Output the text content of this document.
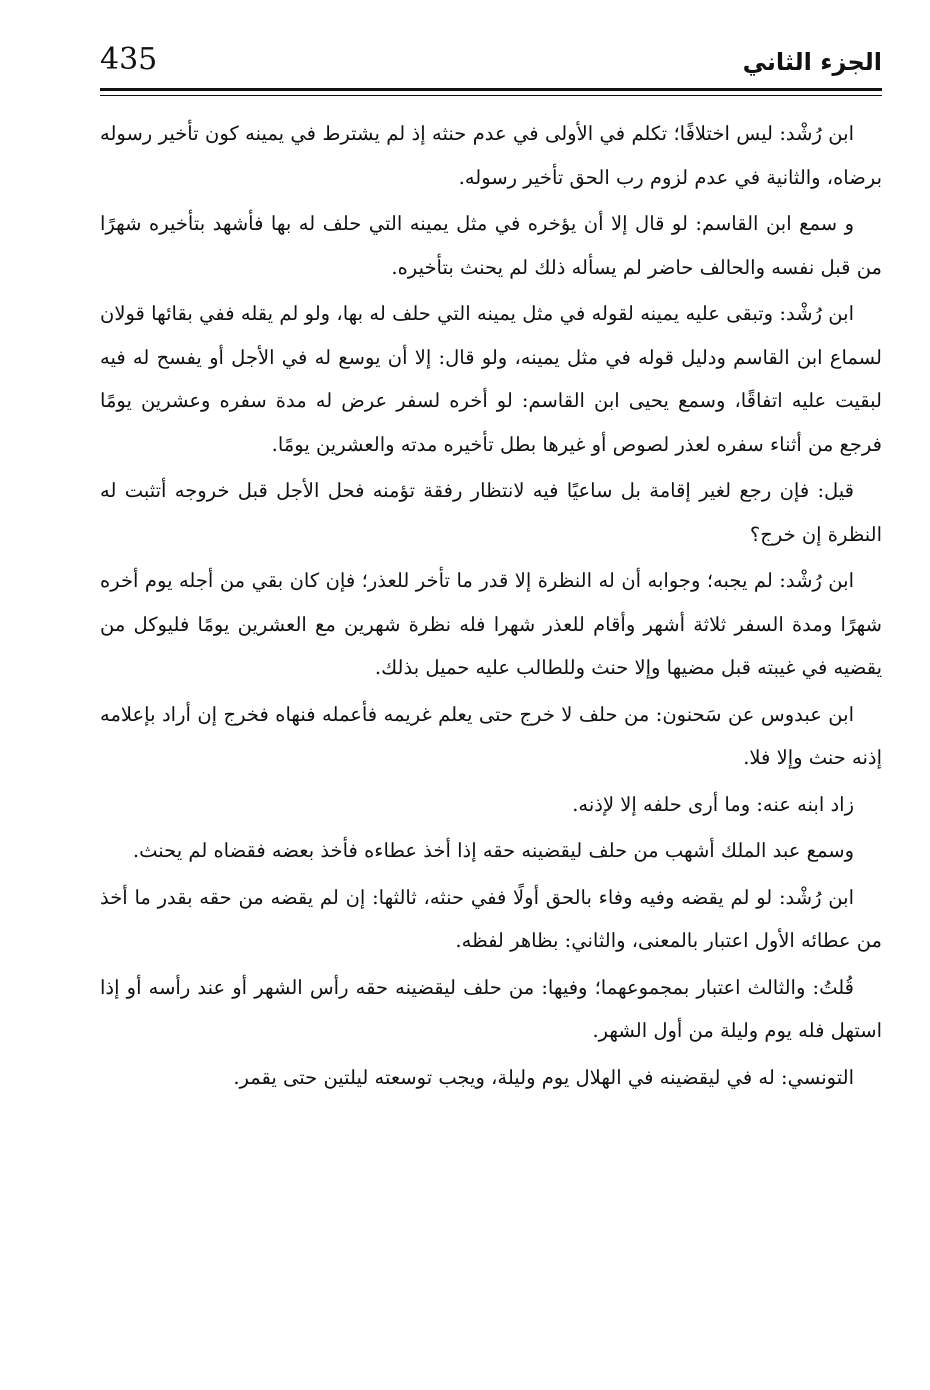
435	الجزء الثاني

ابن رُشْد: ليس اختلافًا؛ تكلم في الأولى في عدم حنثه إذ لم يشترط في يمينه كون تأخير رسوله برضاه، والثانية في عدم لزوم رب الحق تأخير رسوله.

و سمع ابن القاسم: لو قال إلا أن يؤخره في مثل يمينه التي حلف له بها فأشهد بتأخيره شهرًا من قبل نفسه والحالف حاضر لم يسأله ذلك لم يحنث بتأخيره.

ابن رُشْد: وتبقى عليه يمينه لقوله في مثل يمينه التي حلف له بها، ولو لم يقله ففي بقائها قولان لسماع ابن القاسم ودليل قوله في مثل يمينه، ولو قال: إلا أن يوسع له في الأجل أو يفسح له فيه لبقيت عليه اتفاقًا، وسمع يحيى ابن القاسم: لو أخره لسفر عرض له مدة سفره وعشرين يومًا فرجع من أثناء سفره لعذر لصوص أو غيرها بطل تأخيره مدته والعشرين يومًا.

قيل: فإن رجع لغير إقامة بل ساعيًا فيه لانتظار رفقة تؤمنه فحل الأجل قبل خروجه أتثبت له النظرة إن خرج؟

ابن رُشْد: لم يجبه؛ وجوابه أن له النظرة إلا قدر ما تأخر للعذر؛ فإن كان بقي من أجله يوم أخره شهرًا ومدة السفر ثلاثة أشهر وأقام للعذر شهرا فله نظرة شهرين مع العشرين يومًا فليوكل من يقضيه في غيبته قبل مضيها وإلا حنث وللطالب عليه حميل بذلك.

ابن عبدوس عن سَحنون: من حلف لا خرج حتى يعلم غريمه فأعمله فنهاه فخرج إن أراد بإعلامه إذنه حنث وإلا فلا.

زاد ابنه عنه: وما أرى حلفه إلا لإذنه.

وسمع عبد الملك أشهب من حلف ليقضينه حقه إذا أخذ عطاءه فأخذ بعضه فقضاه لم يحنث.

ابن رُشْد: لو لم يقضه وفيه وفاء بالحق أولًا ففي حنثه، ثالثها: إن لم يقضه من حقه بقدر ما أخذ من عطائه الأول اعتبار بالمعنى، والثاني: بظاهر لفظه.

قُلتُ: والثالث اعتبار بمجموعهما؛ وفيها: من حلف ليقضينه حقه رأس الشهر أو عند رأسه أو إذا استهل فله يوم وليلة من أول الشهر.

التونسي: له في ليقضينه في الهلال يوم وليلة، ويجب توسعته ليلتين حتى يقمر.
